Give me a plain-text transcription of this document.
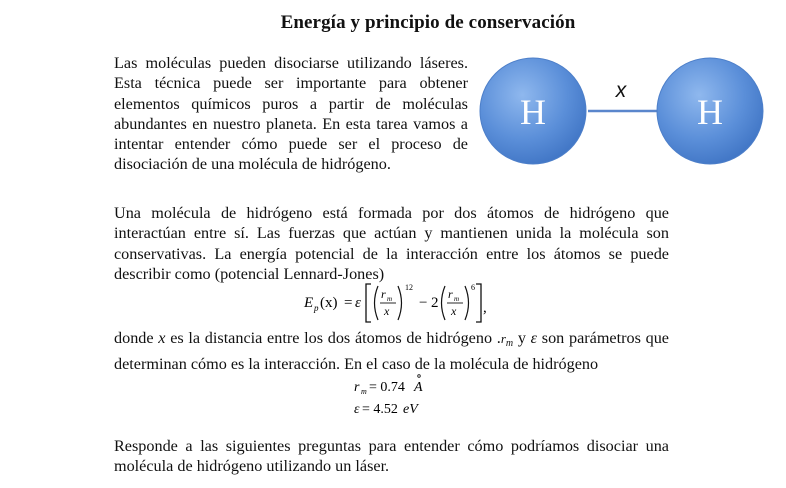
Energía y principio de conservación
Las moléculas pueden disociarse utilizando láseres. Esta técnica puede ser importante para obtener elementos químicos puros a partir de moléculas abundantes en nuestro planeta. En esta tarea vamos a intentar entender cómo puede ser el proceso de disociación de una molécula de hidrógeno.
H	H
x
Una molécula de hidrógeno está formada por dos átomos de hidrógeno que interactúan entre sí. Las fuerzas que actúan y mantienen unida la molécula son conservativas. La energía potencial de la interacción entre los átomos se puede describir como (potencial Lennard-Jones)
E p (x) = ε
r m
x
12
− 2
r m
x
6
,
donde x es la distancia entre los dos átomos de hidrógeno .rm y ε son parámetros que determinan cómo es la interacción. En el caso de la molécula de hidrógeno
r m = 0.74 A
ε = 4.52 eV
Responde a las siguientes preguntas para entender cómo podríamos disociar una molécula de hidrógeno utilizando un láser.
